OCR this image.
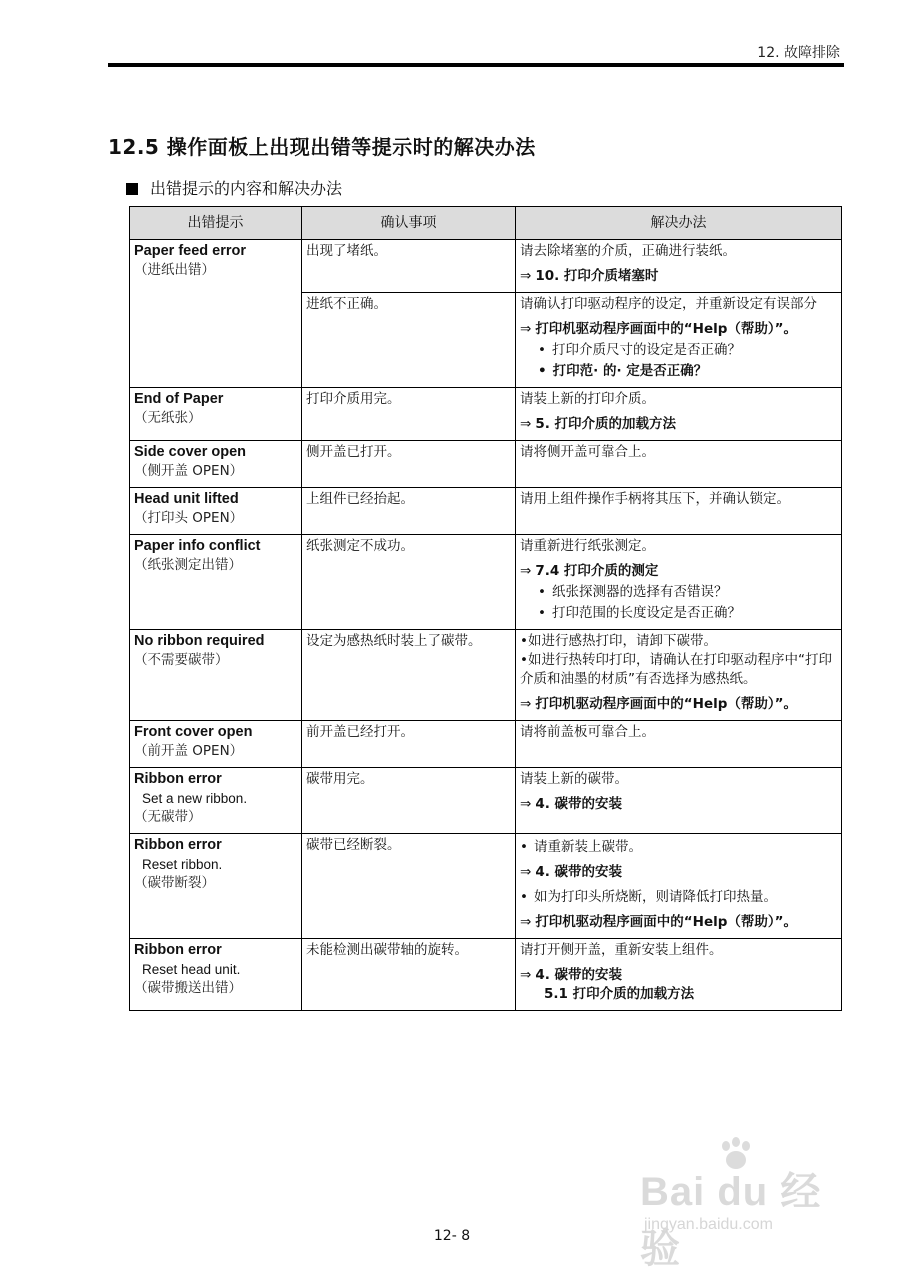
12. 故障排除
12.5 操作面板上出现出错等提示时的解决办法
出错提示的内容和解决办法
出错提示	确认事项	解决办法

Paper feed error
（进纸出错）	出现了堵纸。	请去除堵塞的介质，正确进行装纸。
⇒ 10. 打印介质堵塞时

	进纸不正确。	请确认打印驱动程序的设定，并重新设定有误部分
⇒ 打印机驱动程序画面中的“Help（帮助）”。
• 打印介质尺寸的设定是否正确？
• 打印范· 的· 定是否正确？

End of Paper
（无纸张）	打印介质用完。	请装上新的打印介质。
⇒ 5. 打印介质的加载方法

Side cover open
（侧开盖 OPEN）	侧开盖已打开。	请将侧开盖可靠合上。

Head unit lifted
（打印头 OPEN）	上组件已经抬起。	请用上组件操作手柄将其压下，并确认锁定。

Paper info conflict
（纸张测定出错）	纸张测定不成功。	请重新进行纸张测定。
⇒ 7.4 打印介质的测定
• 纸张探测器的选择有否错误？
• 打印范围的长度设定是否正确？

No ribbon required
（不需要碳带）	设定为感热纸时装上了碳带。	•如进行感热打印，请卸下碳带。
•如进行热转印打印，请确认在打印驱动程序中“打印介质和油墨的材质”有否选择为感热纸。
⇒ 打印机驱动程序画面中的“Help（帮助）”。

Front cover open
（前开盖 OPEN）	前开盖已经打开。	请将前盖板可靠合上。

Ribbon error
Set a new ribbon.
（无碳带）	碳带用完。	请装上新的碳带。
⇒ 4. 碳带的安装

Ribbon error
Reset ribbon.
（碳带断裂）	碳带已经断裂。	• 请重新装上碳带。
⇒ 4. 碳带的安装
• 如为打印头所烧断，则请降低打印热量。
⇒ 打印机驱动程序画面中的“Help（帮助）”。

Ribbon error
Reset head unit.
（碳带搬送出错）	未能检测出碳带轴的旋转。	请打开侧开盖，重新安装上组件。
⇒ 4. 碳带的安装
5.1 打印介质的加载方法
Bai du 经验
jingyan.baidu.com
12- 8
